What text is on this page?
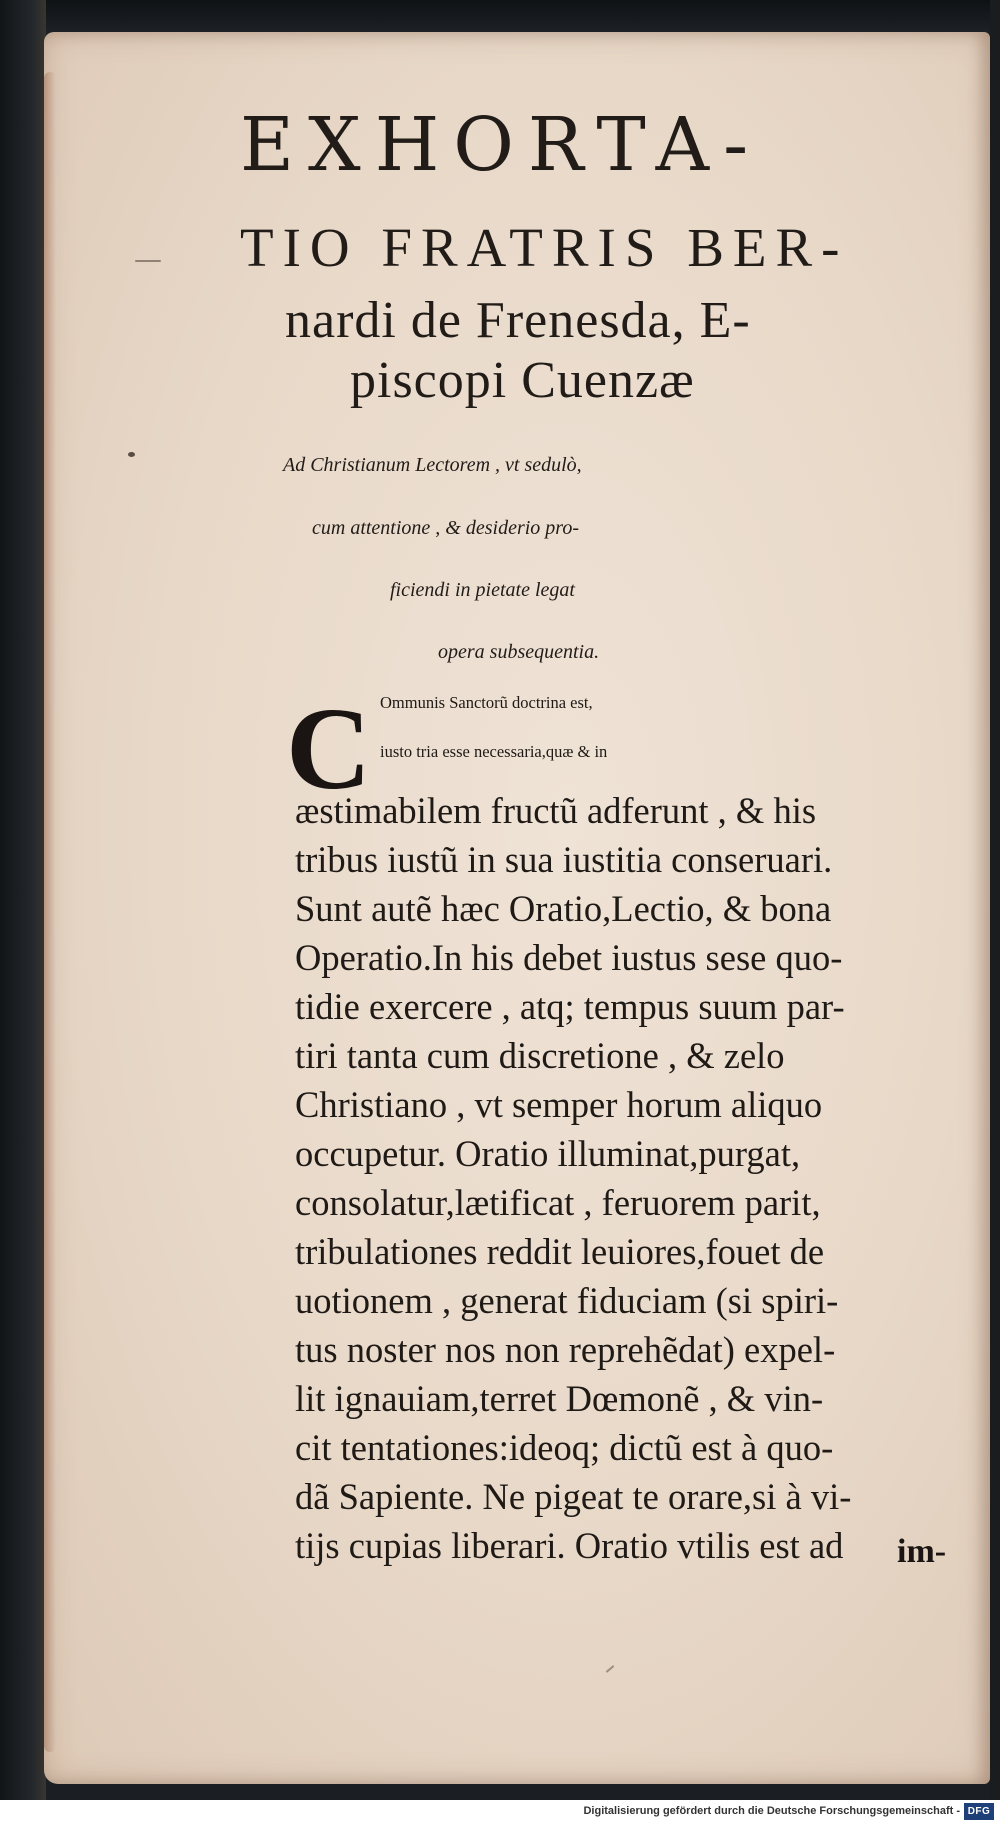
EXHORTA-
TIO FRATRIS BER-
nardi de Frenesda, E-
piscopi Cuenzæ
Ad Christianum Lectorem , vt sedulò,
cum attentione , & desiderio pro-
ficiendi in pietate legat
opera subsequentia.
C Ommunis Sanctorũ doctrina est,
iusto tria esse necessaria,quæ & in
æstimabilem fructũ adferunt , & his
tribus iustũ in sua iustitia conseruari.
Sunt autẽ hæc Oratio,Lectio, & bona
Operatio.In his debet iustus sese quo-
tidie exercere , atq; tempus suum par-
tiri tanta cum discretione , & zelo
Christiano , vt semper horum aliquo
occupetur. Oratio illuminat,purgat,
consolatur,lætificat , feruorem parit,
tribulationes reddit leuiores,fouet de
uotionem , generat fiduciam (si spiri-
tus noster nos non reprehẽdat) expel-
lit ignauiam,terret Dœmonẽ , & vin-
cit tentationes:ideoq; dictũ est à quo-
dã Sapiente. Ne pigeat te orare,si à vi-
tijs cupias liberari. Oratio vtilis est ad	im-
Digitalisierung gefördert durch die Deutsche Forschungsgemeinschaft - DFG
